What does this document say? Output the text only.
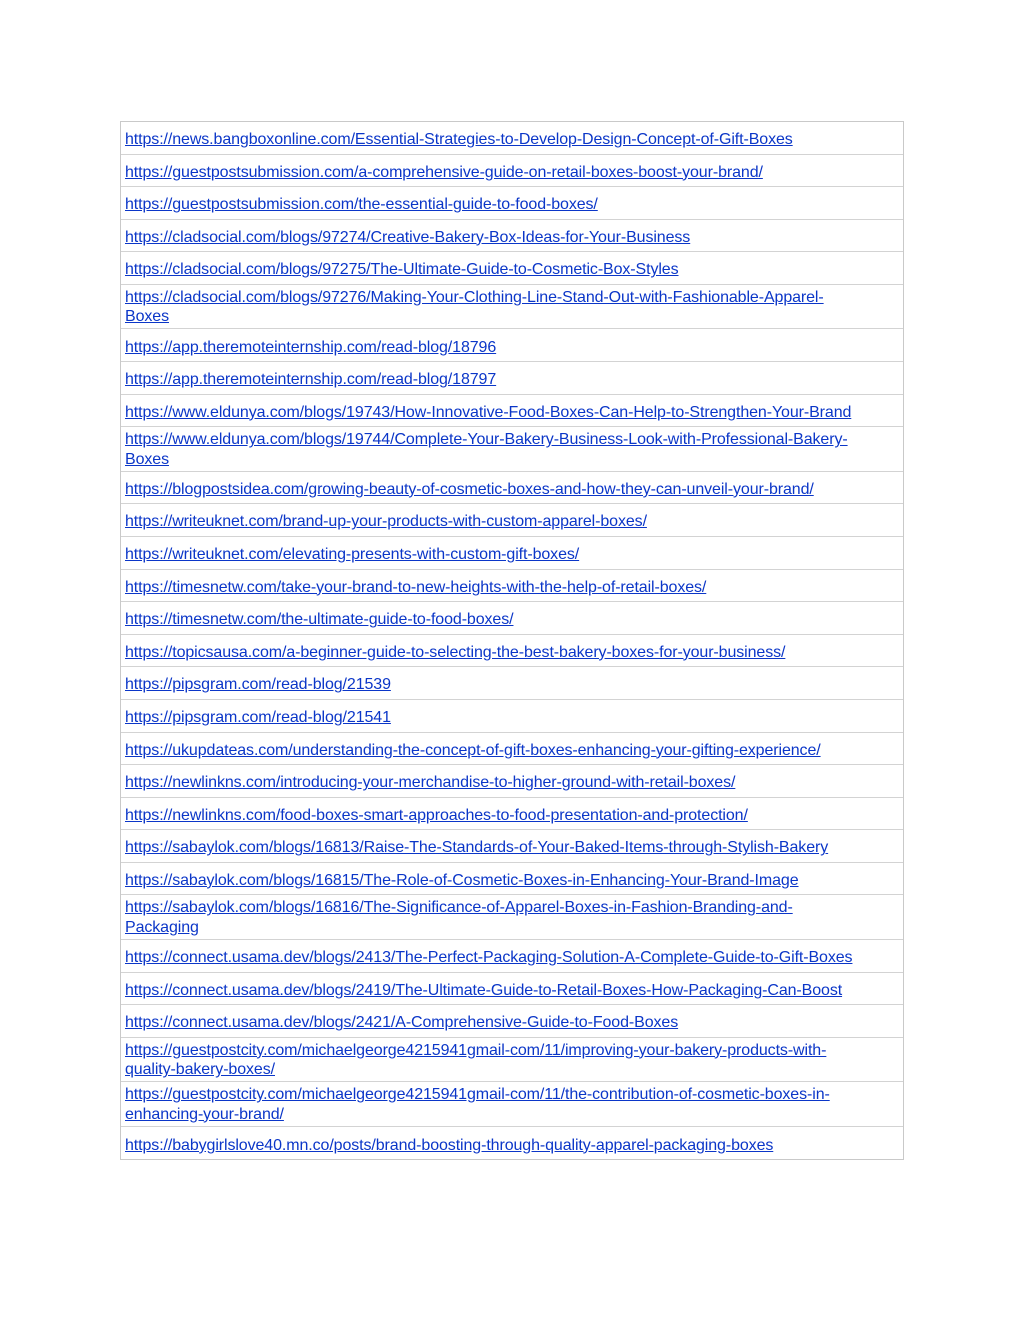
https://news.bangboxonline.com/Essential-Strategies-to-Develop-Design-Concept-of-Gift-Boxes
https://guestpostsubmission.com/a-comprehensive-guide-on-retail-boxes-boost-your-brand/
https://guestpostsubmission.com/the-essential-guide-to-food-boxes/
https://cladsocial.com/blogs/97274/Creative-Bakery-Box-Ideas-for-Your-Business
https://cladsocial.com/blogs/97275/The-Ultimate-Guide-to-Cosmetic-Box-Styles
https://cladsocial.com/blogs/97276/Making-Your-Clothing-Line-Stand-Out-with-Fashionable-Apparel-
Boxes
https://app.theremoteinternship.com/read-blog/18796
https://app.theremoteinternship.com/read-blog/18797
https://www.eldunya.com/blogs/19743/How-Innovative-Food-Boxes-Can-Help-to-Strengthen-Your-Brand
https://www.eldunya.com/blogs/19744/Complete-Your-Bakery-Business-Look-with-Professional-Bakery-
Boxes
https://blogpostsidea.com/growing-beauty-of-cosmetic-boxes-and-how-they-can-unveil-your-brand/
https://writeuknet.com/brand-up-your-products-with-custom-apparel-boxes/
https://writeuknet.com/elevating-presents-with-custom-gift-boxes/
https://timesnetw.com/take-your-brand-to-new-heights-with-the-help-of-retail-boxes/
https://timesnetw.com/the-ultimate-guide-to-food-boxes/
https://topicsausa.com/a-beginner-guide-to-selecting-the-best-bakery-boxes-for-your-business/
https://pipsgram.com/read-blog/21539
https://pipsgram.com/read-blog/21541
https://ukupdateas.com/understanding-the-concept-of-gift-boxes-enhancing-your-gifting-experience/
https://newlinkns.com/introducing-your-merchandise-to-higher-ground-with-retail-boxes/
https://newlinkns.com/food-boxes-smart-approaches-to-food-presentation-and-protection/
https://sabaylok.com/blogs/16813/Raise-The-Standards-of-Your-Baked-Items-through-Stylish-Bakery
https://sabaylok.com/blogs/16815/The-Role-of-Cosmetic-Boxes-in-Enhancing-Your-Brand-Image
https://sabaylok.com/blogs/16816/The-Significance-of-Apparel-Boxes-in-Fashion-Branding-and-
Packaging
https://connect.usama.dev/blogs/2413/The-Perfect-Packaging-Solution-A-Complete-Guide-to-Gift-Boxes
https://connect.usama.dev/blogs/2419/The-Ultimate-Guide-to-Retail-Boxes-How-Packaging-Can-Boost
https://connect.usama.dev/blogs/2421/A-Comprehensive-Guide-to-Food-Boxes
https://guestpostcity.com/michaelgeorge4215941gmail-com/11/improving-your-bakery-products-with-
quality-bakery-boxes/
https://guestpostcity.com/michaelgeorge4215941gmail-com/11/the-contribution-of-cosmetic-boxes-in-
enhancing-your-brand/
https://babygirlslove40.mn.co/posts/brand-boosting-through-quality-apparel-packaging-boxes
